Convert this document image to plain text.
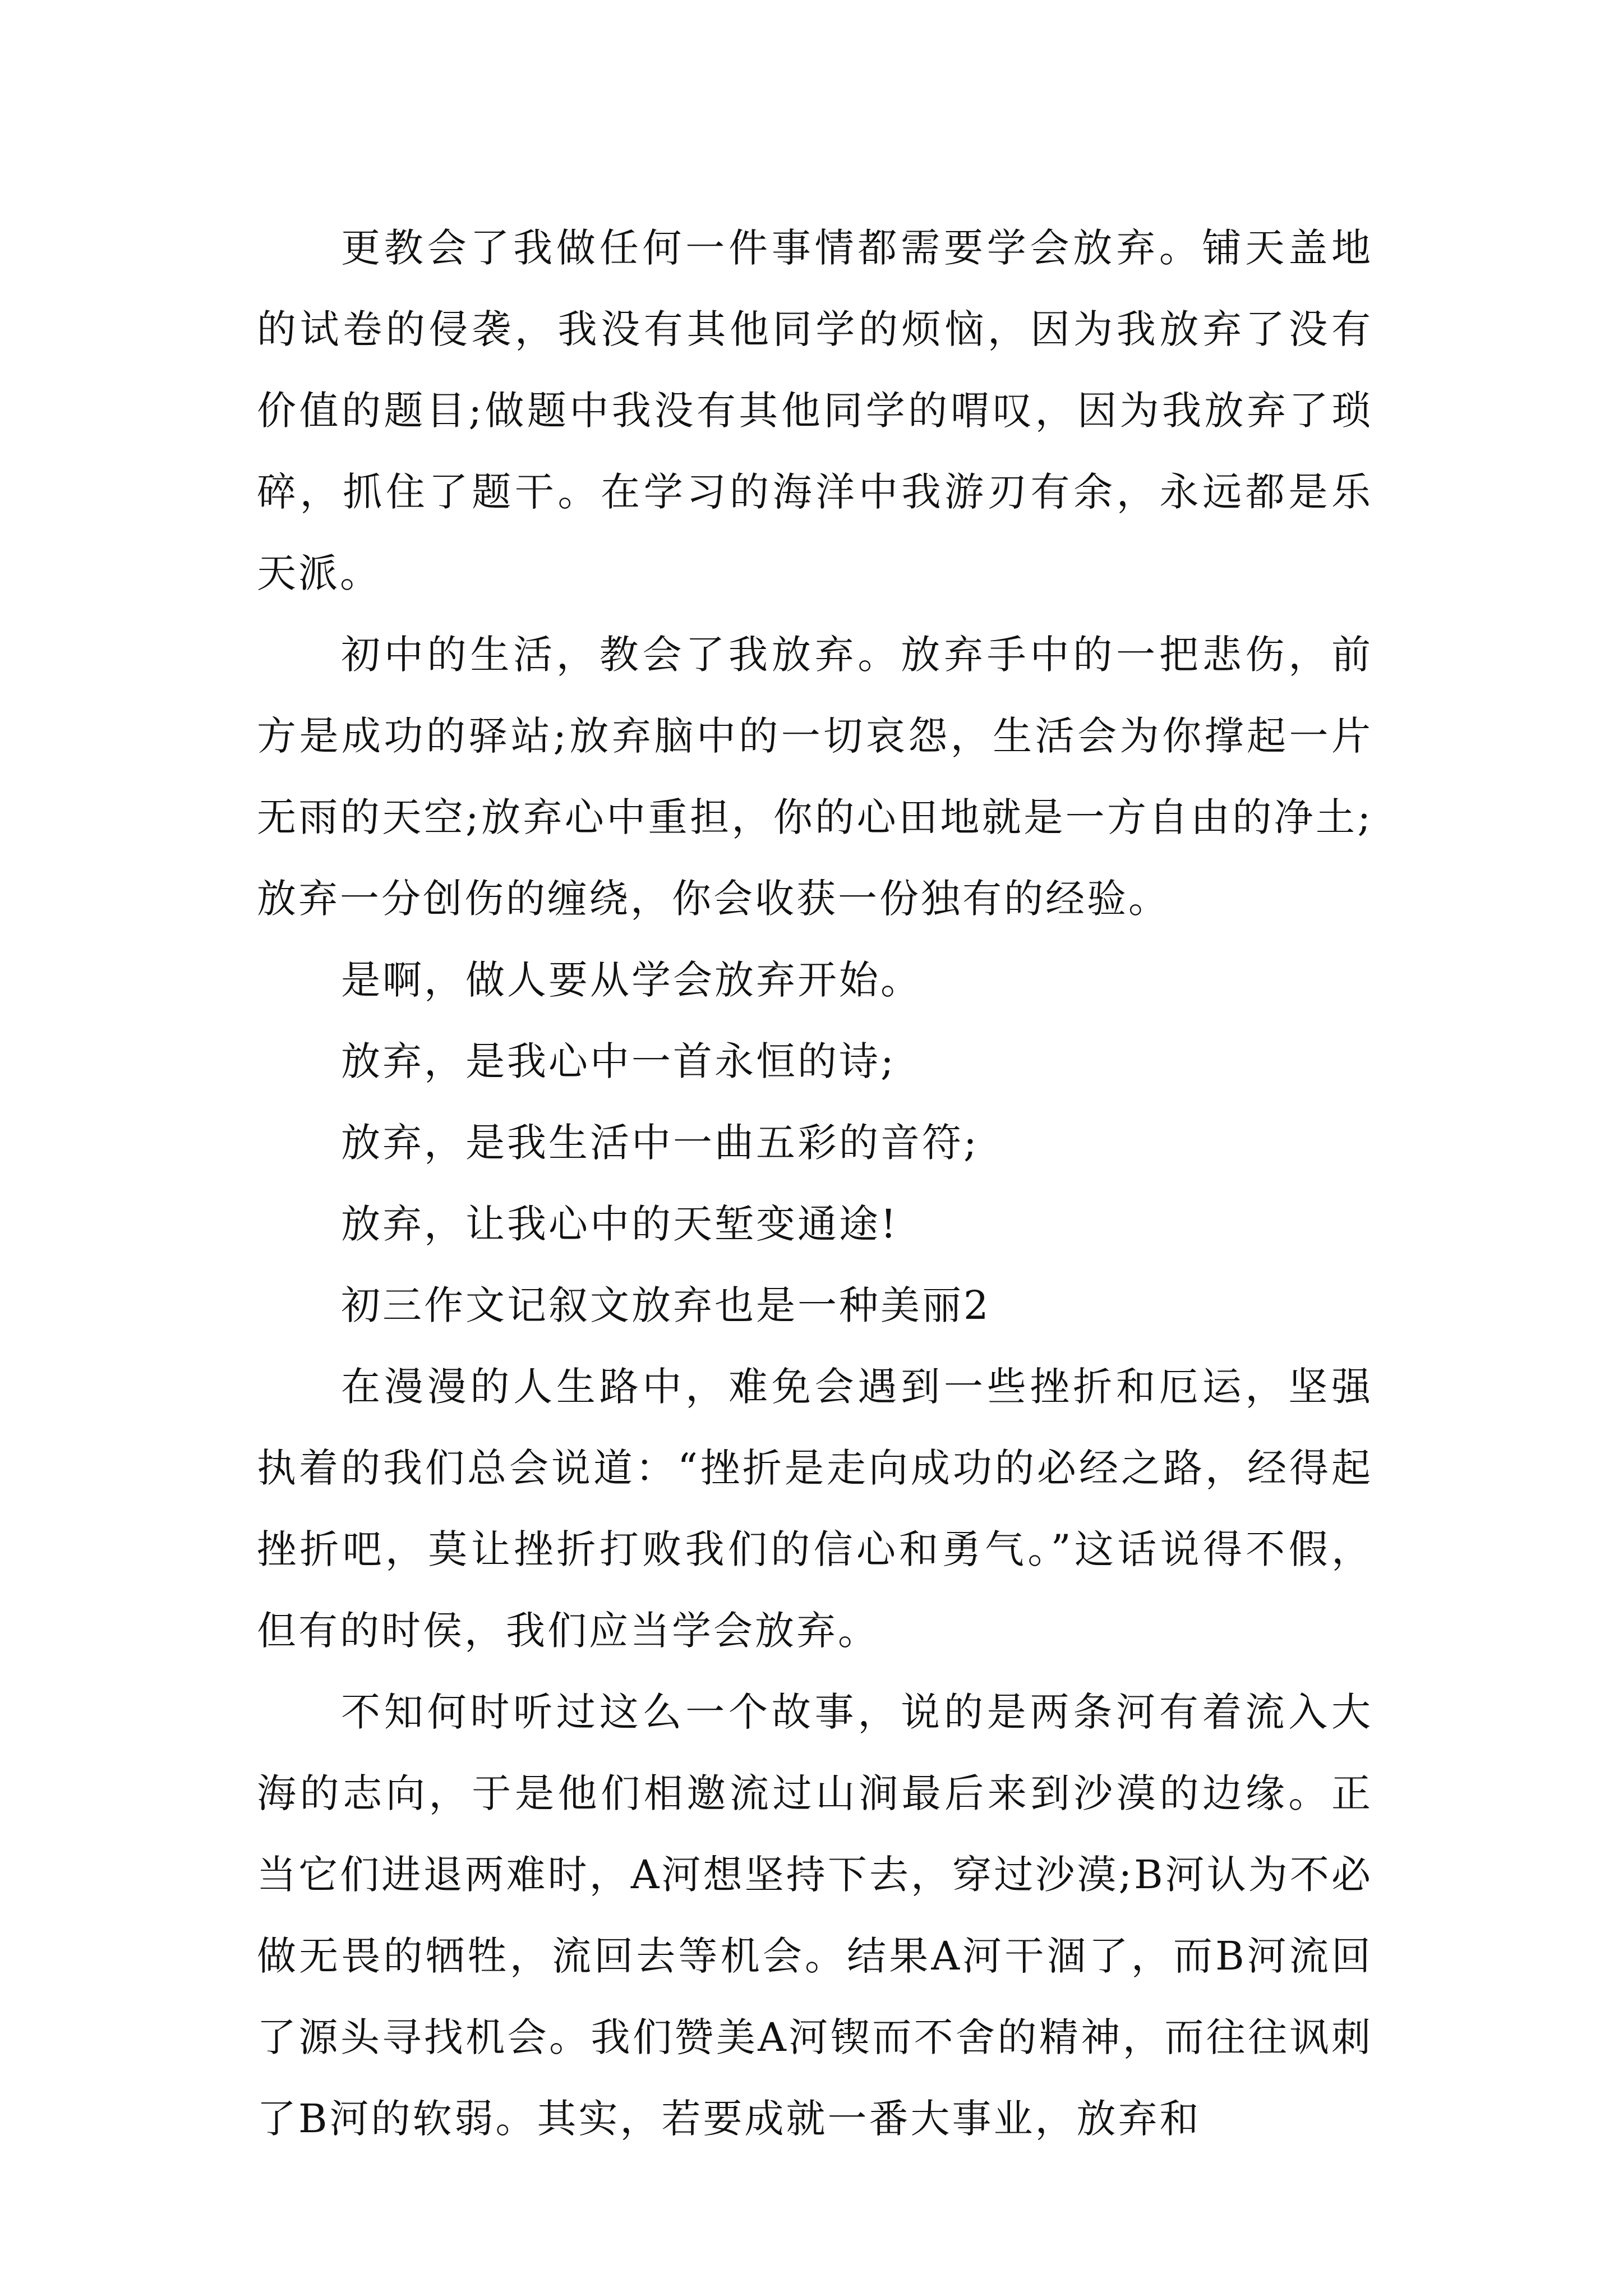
更教会了我做任何一件事情都需要学会放弃。铺天盖地的试卷的侵袭，我没有其他同学的烦恼，因为我放弃了没有价值的题目;做题中我没有其他同学的喟叹，因为我放弃了琐碎，抓住了题干。在学习的海洋中我游刃有余，永远都是乐天派。

初中的生活，教会了我放弃。放弃手中的一把悲伤，前方是成功的驿站;放弃脑中的一切哀怨，生活会为你撑起一片无雨的天空;放弃心中重担，你的心田地就是一方自由的净土;放弃一分创伤的缠绕，你会收获一份独有的经验。

是啊，做人要从学会放弃开始。

放弃，是我心中一首永恒的诗;

放弃，是我生活中一曲五彩的音符;

放弃，让我心中的天堑变通途!

初三作文记叙文放弃也是一种美丽2

在漫漫的人生路中，难免会遇到一些挫折和厄运，坚强执着的我们总会说道：“挫折是走向成功的必经之路，经得起挫折吧，莫让挫折打败我们的信心和勇气。”这话说得不假，但有的时侯，我们应当学会放弃。

不知何时听过这么一个故事，说的是两条河有着流入大海的志向，于是他们相邀流过山涧最后来到沙漠的边缘。正当它们进退两难时，A河想坚持下去，穿过沙漠;B河认为不必做无畏的牺牲，流回去等机会。结果A河干涸了，而B河流回了源头寻找机会。我们赞美A河锲而不舍的精神，而往往讽刺了B河的软弱。其实，若要成就一番大事业，放弃和
